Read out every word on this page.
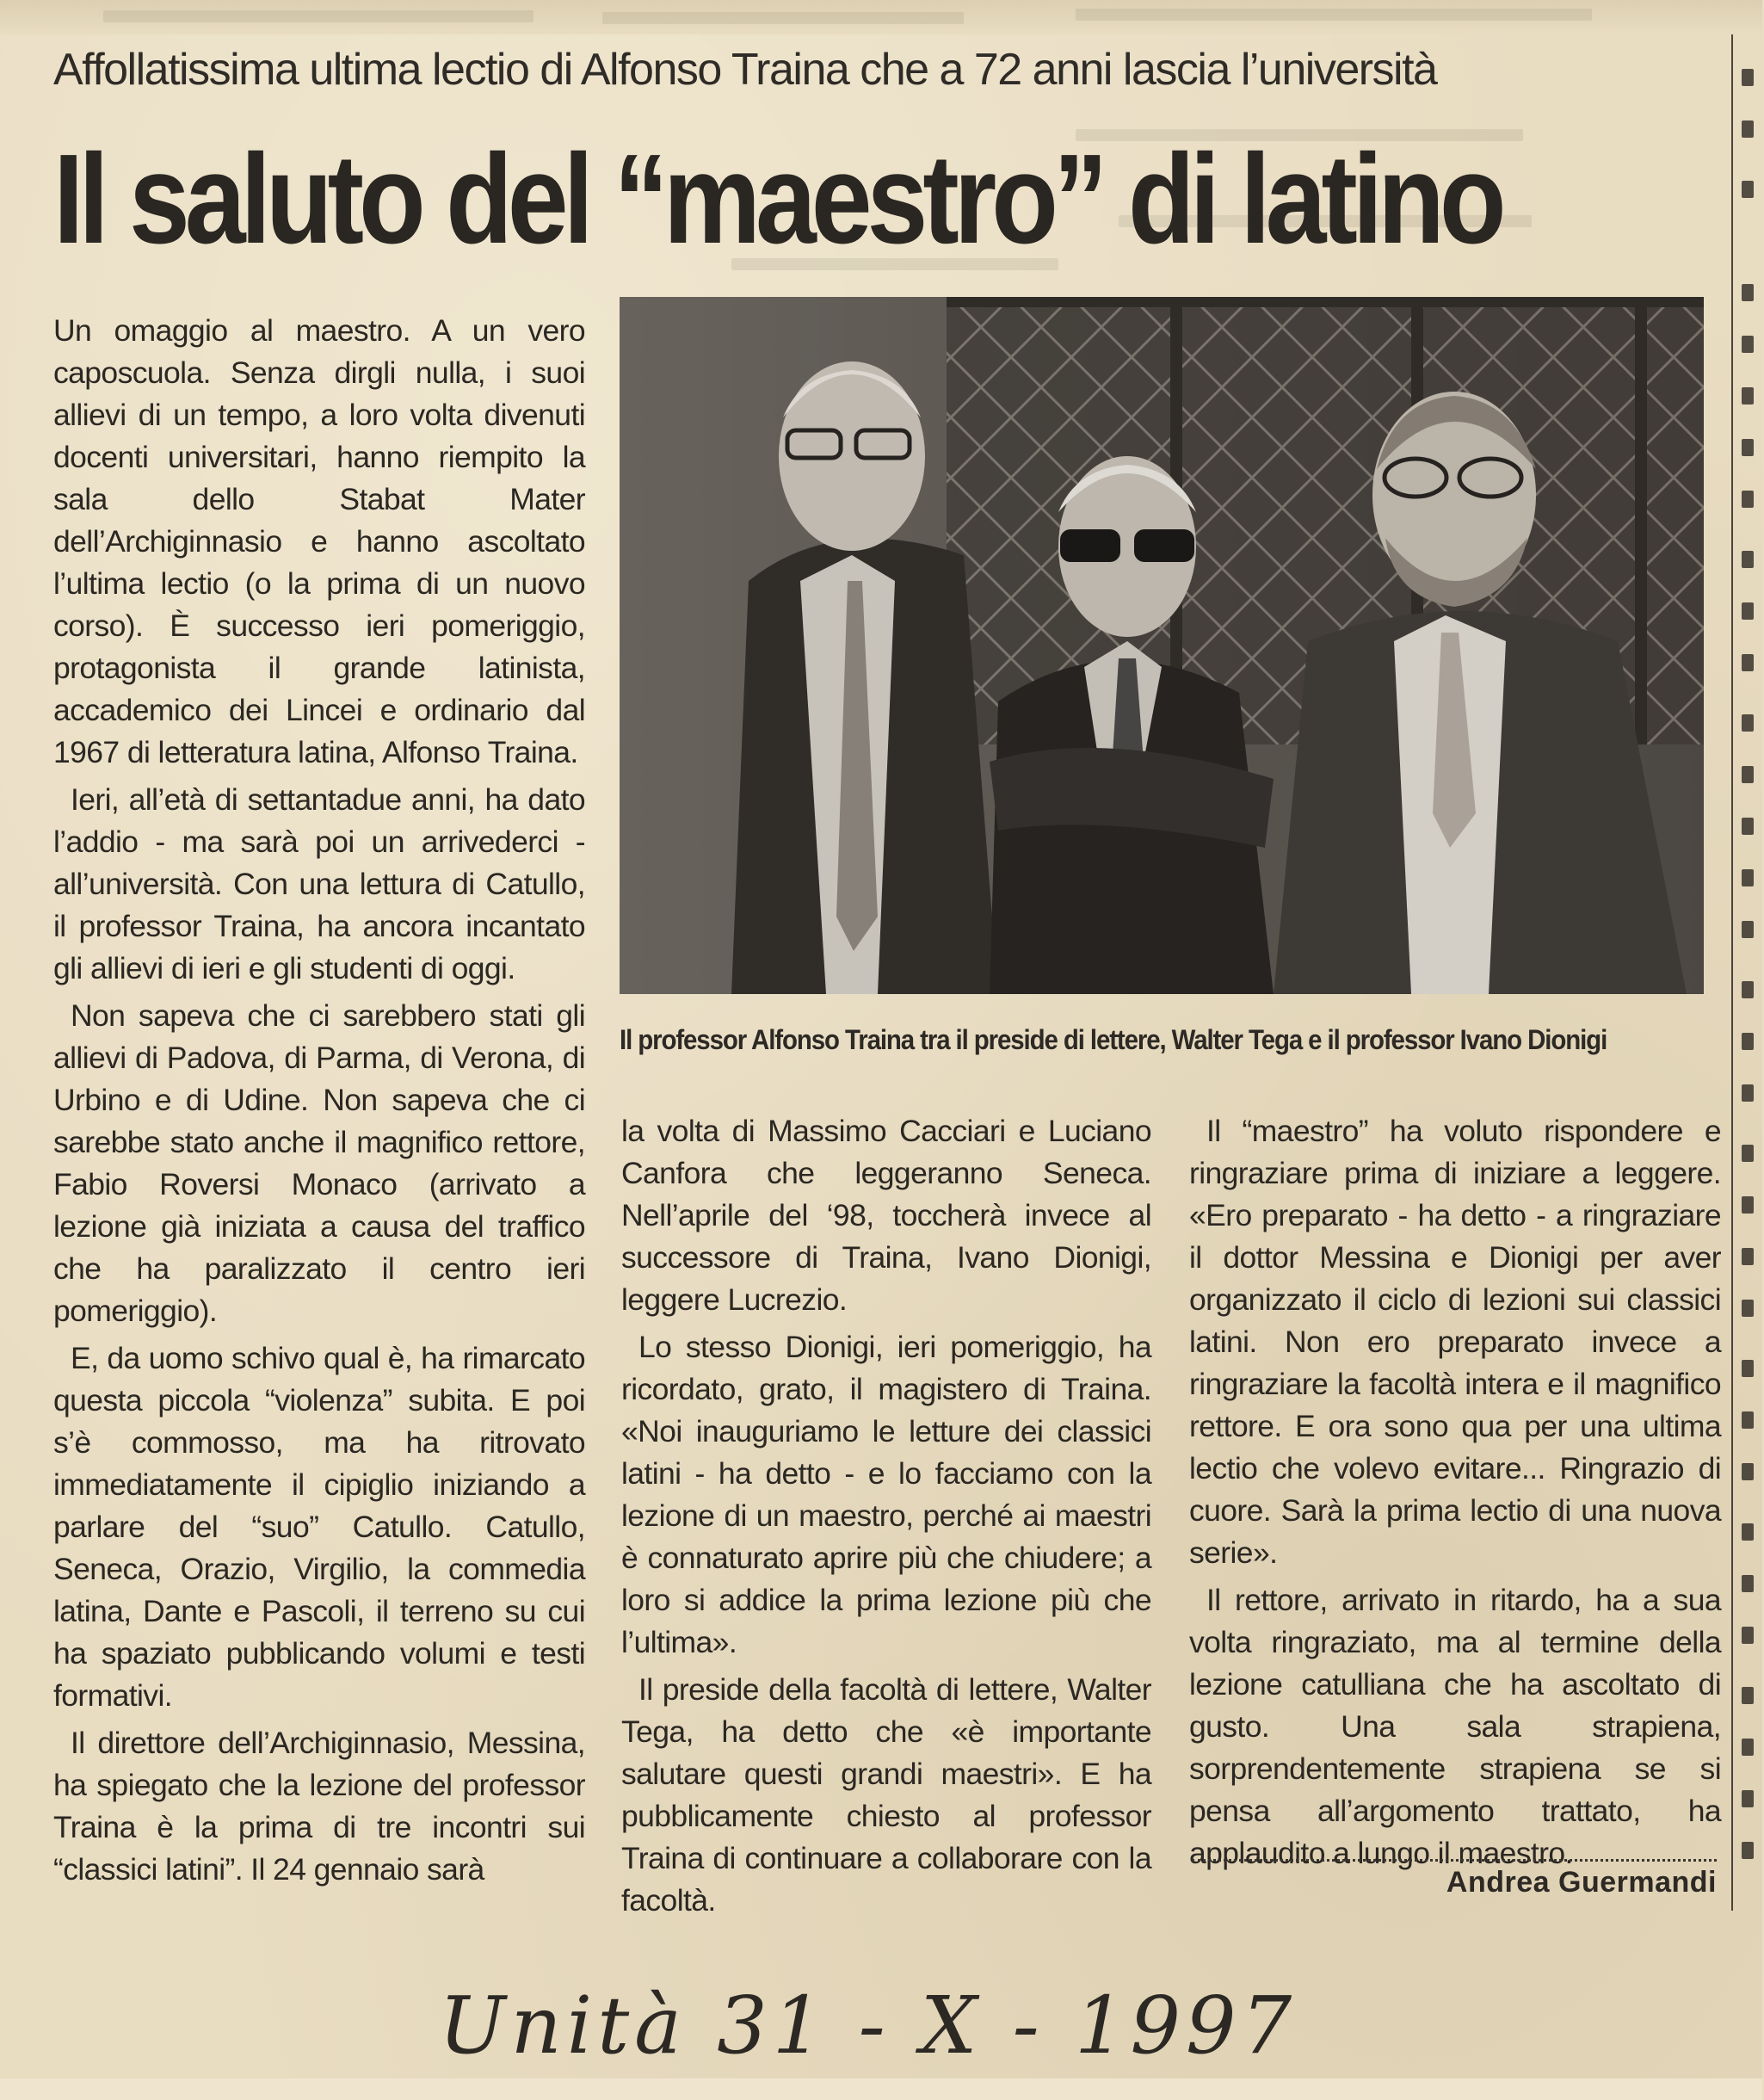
Affollatissima ultima lectio di Alfonso Traina che a 72 anni lascia l’università
Il saluto del “maestro” di latino
Il professor Alfonso Traina tra il preside di lettere, Walter Tega e il professor Ivano Dionigi

Un omaggio al maestro. A un vero caposcuola. Senza dirgli nulla, i suoi allievi di un tempo, a loro volta divenuti docenti universitari, hanno riempito la sala dello Stabat Mater dell’Archiginnasio e hanno ascoltato l’ultima lectio (o la prima di un nuovo corso). È successo ieri pomeriggio, protagonista il grande latinista, accademico dei Lincei e ordinario dal 1967 di letteratura latina, Alfonso Traina.

Ieri, all’età di settantadue anni, ha dato l’addio - ma sarà poi un arrivederci - all’università. Con una lettura di Catullo, il professor Traina, ha ancora incantato gli allievi di ieri e gli studenti di oggi.

Non sapeva che ci sarebbero stati gli allievi di Padova, di Parma, di Verona, di Urbino e di Udine. Non sapeva che ci sarebbe stato anche il magnifico rettore, Fabio Roversi Monaco (arrivato a lezione già iniziata a causa del traffico che ha paralizzato il centro ieri pomeriggio).

E, da uomo schivo qual è, ha rimarcato questa piccola “violenza” subita. E poi s’è commosso, ma ha ritrovato immediatamente il cipiglio iniziando a parlare del “suo” Catullo. Catullo, Seneca, Orazio, Virgilio, la commedia latina, Dante e Pascoli, il terreno su cui ha spaziato pubblicando volumi e testi formativi.

Il direttore dell’Archiginnasio, Messina, ha spiegato che la lezione del professor Traina è la prima di tre incontri sui “classici latini”. Il 24 gennaio sarà

la volta di Massimo Cacciari e Luciano Canfora che leggeranno Seneca. Nell’aprile del ‘98, toccherà invece al successore di Traina, Ivano Dionigi, leggere Lucrezio.

Lo stesso Dionigi, ieri pomeriggio, ha ricordato, grato, il magistero di Traina. «Noi inauguriamo le letture dei classici latini - ha detto - e lo facciamo con la lezione di un maestro, perché ai maestri è connaturato aprire più che chiudere; a loro si addice la prima lezione più che l’ultima».

Il preside della facoltà di lettere, Walter Tega, ha detto che «è importante salutare questi grandi maestri». E ha pubblicamente chiesto al professor Traina di continuare a collaborare con la facoltà.

Il “maestro” ha voluto rispondere e ringraziare prima di iniziare a leggere. «Ero preparato - ha detto - a ringraziare il dottor Messina e Dionigi per aver organizzato il ciclo di lezioni sui classici latini. Non ero preparato invece a ringraziare la facoltà intera e il magnifico rettore. E ora sono qua per una ultima lectio che volevo evitare... Ringrazio di cuore. Sarà la prima lectio di una nuova serie».

Il rettore, arrivato in ritardo, ha a sua volta ringraziato, ma al termine della lezione catulliana che ha ascoltato di gusto. Una sala strapiena, sorprendentemente strapiena se si pensa all’argomento trattato, ha applaudito a lungo il maestro.

Andrea Guermandi
Unità 31 - X - 1997
